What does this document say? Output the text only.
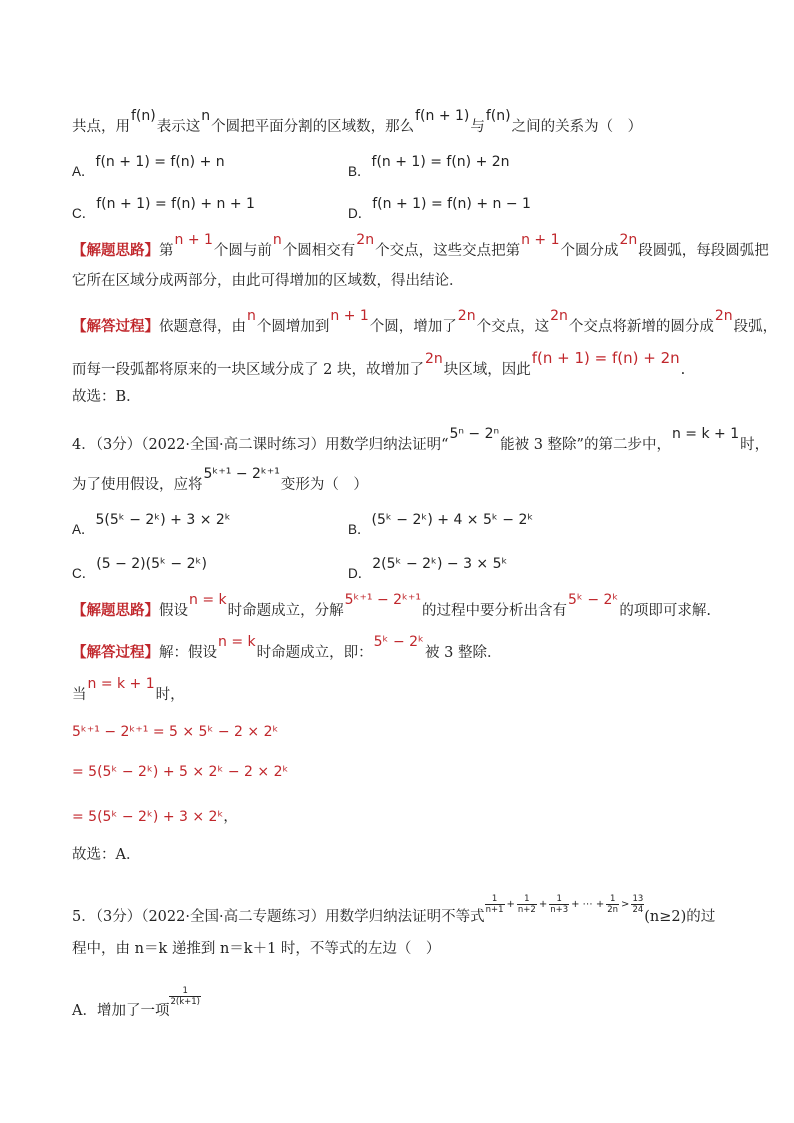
共点，用f(n)表示这n个圆把平面分割的区域数，那么f(n + 1)与f(n)之间的关系为（　）
A．f(n + 1) = f(n) + n
B．f(n + 1) = f(n) + 2n
C．f(n + 1) = f(n) + n + 1
D．f(n + 1) = f(n) + n − 1
【解题思路】第n + 1个圆与前n个圆相交有2n个交点，这些交点把第n + 1个圆分成2n段圆弧，每段圆弧把
它所在区域分成两部分，由此可得增加的区域数，得出结论．
【解答过程】依题意得，由n个圆增加到n + 1个圆，增加了2n个交点，这2n个交点将新增的圆分成2n段弧，
而每一段弧都将原来的一块区域分成了 2 块，故增加了2n块区域，因此f(n + 1) = f(n) + 2n.
故选：B．
4．（3分）（2022·全国·高二课时练习）用数学归纳法证明“5ⁿ − 2ⁿ能被 3 整除”的第二步中，n = k + 1时，
为了使用假设，应将5ᵏ⁺¹ − 2ᵏ⁺¹变形为（　）
A．5(5ᵏ − 2ᵏ) + 3 × 2ᵏ
B．(5ᵏ − 2ᵏ) + 4 × 5ᵏ − 2ᵏ
C．(5 − 2)(5ᵏ − 2ᵏ)
D．2(5ᵏ − 2ᵏ) − 3 × 5ᵏ
【解题思路】假设n = k时命题成立，分解5ᵏ⁺¹ − 2ᵏ⁺¹的过程中要分析出含有5ᵏ − 2ᵏ的项即可求解.
【解答过程】解：假设n = k时命题成立，即：5ᵏ − 2ᵏ被 3 整除．
当n = k + 1时，
5ᵏ⁺¹ − 2ᵏ⁺¹ = 5 × 5ᵏ − 2 × 2ᵏ
= 5(5ᵏ − 2ᵏ) + 5 × 2ᵏ − 2 × 2ᵏ
= 5(5ᵏ − 2ᵏ) + 3 × 2ᵏ，
故选：A．
5．（3分）（2022·全国·高二专题练习）用数学归纳法证明不等式
$^{\frac{1}{n+1} + \frac{1}{n+2} + \frac{1}{n+3} + \cdots + \frac{1}{2n} > \frac{13}{24}}$
(n≥2)的过
程中，由 n＝k 递推到 n＝k＋1 时，不等式的左边（　）
A．增加了一项
$^{\frac{1}{2(k+1)}}$
